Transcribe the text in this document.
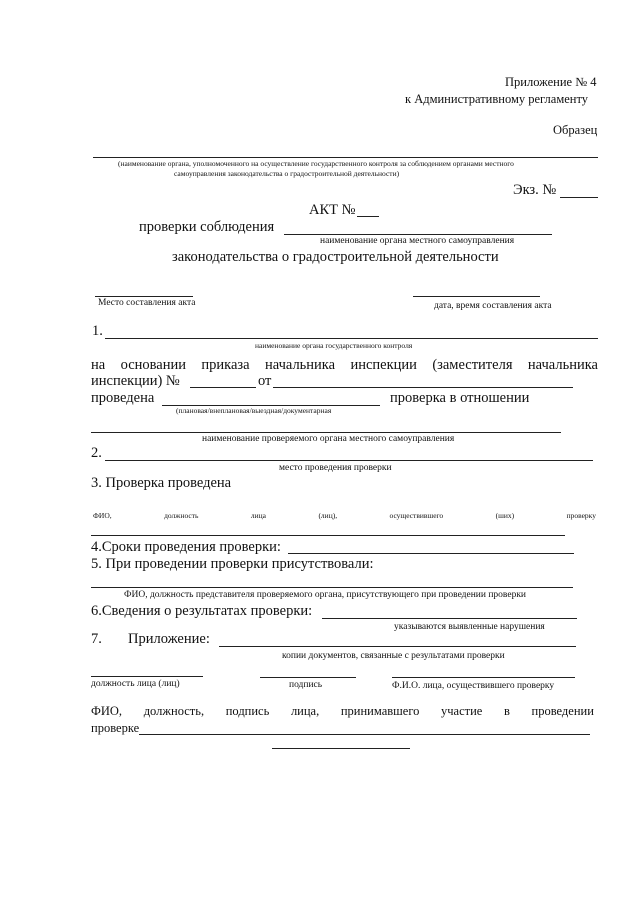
Приложение № 4
к Административному регламенту
Образец
(наименование органа, уполномоченного на осуществление государственного контроля за соблюдением органами местного
самоуправления законодательства о градостроительной деятельности)
Экз. №
АКТ №
проверки соблюдения
наименование органа местного самоуправления
законодательства о градостроительной деятельности
Место составления акта	дата, время составления акта
1.
наименование органа государственного контроля
на основании приказа начальника инспекции (заместителя начальника
инспекции) №	от
проведена
(плановая/внеплановая/выездная/документарная
проверка в отношении
наименование проверяемого органа местного самоуправления
2.
место проведения проверки
3. Проверка проведена
ФИО,	должность	лица	(лиц),	осуществившего	(ших)	проверку
4.Сроки проведения проверки:
5. При проведении проверки присутствовали:
ФИО, должность представителя проверяемого органа, присутствующего при проведении проверки
6.Сведения о результатах проверки:
указываются выявленные нарушения
7. Приложение:
копии документов, связанные с результатами проверки
должность лица (лиц)	подпись	Ф.И.О. лица, осуществившего проверку
ФИО, должность, подпись лица, принимавшего участие в проведении
проверке
